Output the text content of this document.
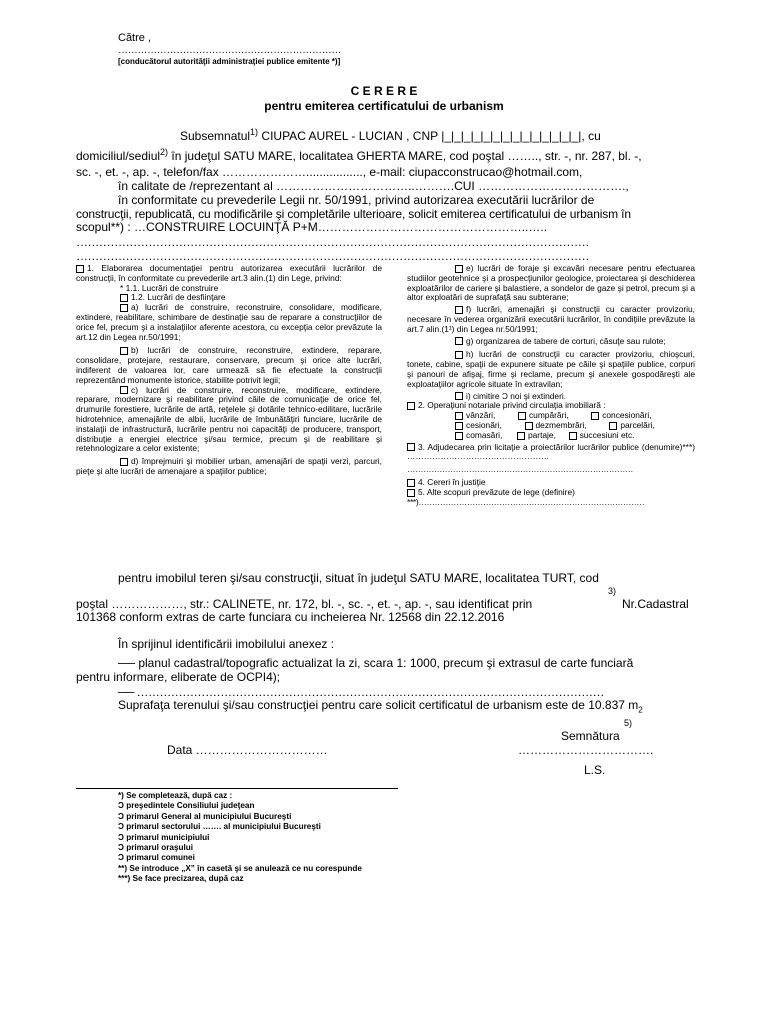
Către ,
……………………………………………………………
[conducătorul autorităţii administraţiei publice emitente *)]
C E R E R E
pentru emiterea certificatului de urbanism
Subsemnatul$^{1)}$ CIUPAC AUREL - LUCIAN , CNP |_|_|_|_|_|_|_|_|_|_|_|_|_|_|, cu
domiciliul/sediul$^{2)}$ în judeţul SATU MARE, localitatea GHERTA MARE, cod poştal …….., str. -, nr. 287, bl. -,
sc. -, et. -, ap. -, telefon/fax …………………................., e-mail: ciupacconstrucao@hotmail.com,
în calitate de /reprezentant al ……………………………..……….CUI ……………………………….,
în conformitate cu prevederile Legii nr. 50/1991, privind autorizarea executării lucrărilor de
construcţii, republicată, cu modificările şi completările ulterioare, solicit emiterea certificatului de urbanism în
scopul**) : …CONSTRUIRE LOCUINŢĂ P+M……………………………………………..…..
………………………………………………………………………………………………………………………
………………………………………………………………………………………………………………………

1. Elaborarea documentaţiei pentru autorizarea executării lucrărilor de construcţii, în conformitate cu prevederile art.3 alin.(1) din Lege, privind:

* 1.1. Lucrări de construire

1.2. Lucrări de desfiinţare

a) lucrări de construire, reconstruire, consolidare, modificare, extindere, reabilitare, schimbare de destinaţie sau de reparare a construcţiilor de orice fel, precum şi a instalaţiilor aferente acestora, cu excepţia celor prevăzute la art.12 din Legea nr.50/1991;

b) lucrări de construire, reconstruire, extindere, reparare, consolidare, protejare, restaurare, conservare, precum şi orice alte lucrări, indiferent de valoarea lor, care urmează să fie efectuate la construcţii reprezentând monumente istorice, stabilite potrivit legii;

c) lucrări de construire, reconstruire, modificare, extindere, reparare, modernizare şi reabilitare privind căile de comunicaţie de orice fel, drumurile forestiere, lucrările de artă, reţelele şi dotările tehnico-edilitare, lucrările hidrotehnice, amenajările de albii, lucrările de îmbunătăţiri funciare, lucrările de instalaţii de infrastructură, lucrările pentru noi capacităţi de producere, transport, distribuţie a energiei electrice şi/sau termice, precum şi de reabilitare şi retehnologizare a celor existente;

d) împrejmuiri şi mobilier urban, amenajări de spaţii verzi, parcuri, pieţe şi alte lucrări de amenajare a spaţiilor publice;

e) lucrări de foraje şi excavări necesare pentru efectuarea studiilor geotehnice şi a prospecţiunilor geologice, proiectarea şi deschiderea exploatărilor de cariere şi balastiere, a sondelor de gaze şi petrol, precum şi a altor exploatări de suprafaţă sau subterane;

f) lucrări, amenajări şi construcţii cu caracter provizoriu, necesare în vederea organizării executării lucrărilor, în condiţiile prevăzute la art.7 alin.(1¹) din Legea nr.50/1991;

g) organizarea de tabere de corturi, căsuţe sau rulote;

h) lucrări de construcţii cu caracter provizoriu, chioşcuri, tonete, cabine, spaţii de expunere situate pe căile şi spaţiile publice, corpuri şi panouri de afişaj, firme şi reclame, precum şi anexele gospodăreşti ale exploataţiilor agricole situate în extravilan;

i) cimitire Ͻ noi şi extinderi.

2. Operaţiuni notariale privind circulaţia imobiliară :

vânzări,	cumpărări,	concesionări,

cesionări,	dezmembrări,	parcelări,

comasări,	partaje,	succesiuni etc.

3. Adjudecarea prin licitaţie a proiectărilor lucrărilor publice (denumire)***) ……………………………………………

…………………………………………………………………………

4. Cereri în justiţie

5. Alte scopuri prevăzute de lege (definire)

***)…………………………………………………………………………

pentru imobilul teren şi/sau construcţii, situat în judeţul SATU MARE, localitatea TURT, cod
poştal ………………, str.: CALINETE, nr. 172, bl. -, sc. -, et. -, ap. -, sau identificat prin
3)
Nr.Cadastral
101368 conform extras de carte funciara cu incheierea Nr. 12568 din 22.12.2016
În sprijinul identificării imobilului anexez :
── planul cadastral/topografic actualizat la zi, scara 1: 1000, precum şi extrasul de carte funciară
pentru informare, eliberate de OCPI4);
── ……………………………………………………………………………………………………………
Suprafaţa terenului şi/sau construcţiei pentru care solicit certificatul de urbanism este de 10.837 $m_2$
5)
Semnătura
Data ……………………………	…………………………….
L.S.

*) Se completează, după caz :

Ͻ preşedintele Consiliului judeţean

Ͻ primarul General al municipiului Bucureşti

Ͻ primarul sectorului ……. al municipiului Bucureşti

Ͻ primarul municipiului

Ͻ primarul oraşului

Ͻ primarul comunei

**) Se introduce „X” în casetă şi se anulează ce nu corespunde

***) Se face precizarea, după caz
